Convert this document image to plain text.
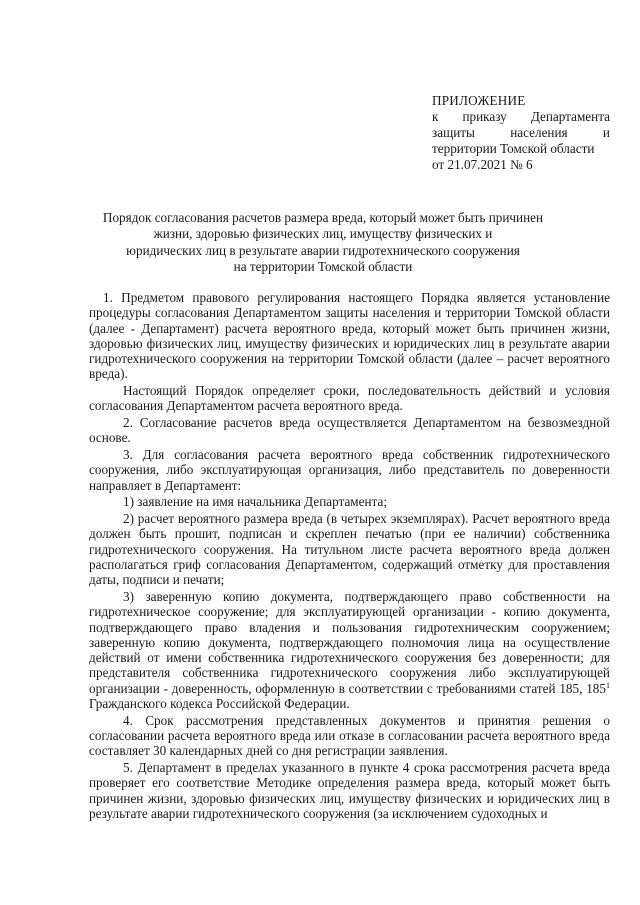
ПРИЛОЖЕНИЕ
к приказу Департамента
защиты населения и
территории Томской области
от 21.07.2021 № 6
Порядок согласования расчетов размера вреда, который может быть причинен
жизни, здоровью физических лиц, имуществу физических и
юридических лиц в результате аварии гидротехнического сооружения
на территории Томской области

1. Предметом правового регулирования настоящего Порядка является установление процедуры согласования Департаментом защиты населения и территории Томской области (далее - Департамент) расчета вероятного вреда, который может быть причинен жизни, здоровью физических лиц, имуществу физических и юридических лиц в результате аварии гидротехнического сооружения на территории Томской области (далее – расчет вероятного вреда).

Настоящий Порядок определяет сроки, последовательность действий и условия согласования Департаментом расчета вероятного вреда.

2. Согласование расчетов вреда осуществляется Департаментом на безвозмездной основе.

3. Для согласования расчета вероятного вреда собственник гидротехнического сооружения, либо эксплуатирующая организация, либо представитель по доверенности направляет в Департамент:

1) заявление на имя начальника Департамента;

2) расчет вероятного размера вреда (в четырех экземплярах). Расчет вероятного вреда должен быть прошит, подписан и скреплен печатью (при ее наличии) собственника гидротехнического сооружения. На титульном листе расчета вероятного вреда должен располагаться гриф согласования Департаментом, содержащий отметку для проставления даты, подписи и печати;

3) заверенную копию документа, подтверждающего право собственности на гидротехническое сооружение; для эксплуатирующей организации - копию документа, подтверждающего право владения и пользования гидротехническим сооружением; заверенную копию документа, подтверждающего полномочия лица на осуществление действий от имени собственника гидротехнического сооружения без доверенности; для представителя собственника гидротехнического сооружения либо эксплуатирующей организации - доверенность, оформленную в соответствии с требованиями статей 185, $185^1$ Гражданского кодекса Российской Федерации.

4. Срок рассмотрения представленных документов и принятия решения о согласовании расчета вероятного вреда или отказе в согласовании расчета вероятного вреда составляет 30 календарных дней со дня регистрации заявления.

5. Департамент в пределах указанного в пункте 4 срока рассмотрения расчета вреда проверяет его соответствие Методике определения размера вреда, который может быть причинен жизни, здоровью физических лиц, имуществу физических и юридических лиц в результате аварии гидротехнического сооружения (за исключением судоходных и
